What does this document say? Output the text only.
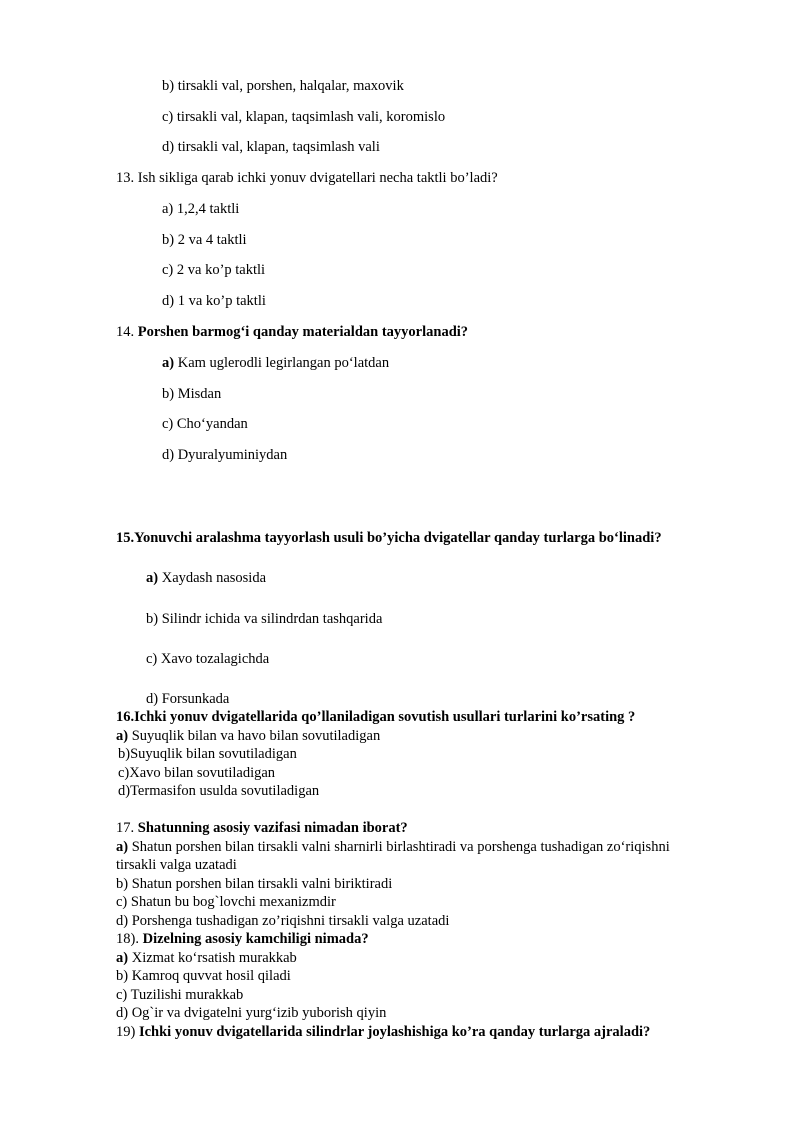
b) tirsakli val, porshen, halqalar, maxovik
c) tirsakli val, klapan, taqsimlash vali, koromislo
d) tirsakli val, klapan, taqsimlash vali
13. Ish sikliga qarab ichki yonuv dvigatellari necha taktli bo’ladi?
a) 1,2,4 taktli
b) 2 va 4 taktli
c) 2 va ko’p taktli
d) 1 va ko’p taktli
14. Porshen barmog‘i qanday materialdan tayyorlanadi?
a) Kam uglerodli legirlangan po‘latdan
b) Misdan
c) Cho‘yandan
d) Dyuralyuminiydan
15.Yonuvchi aralashma tayyorlash usuli bo’yicha dvigatellar qanday turlarga bo‘linadi?
a) Xaydash nasosida
b) Silindr ichida va silindrdan tashqarida
c) Xavo tozalagichda
d) Forsunkada
16.Ichki yonuv dvigatellarida qo’llaniladigan sovutish usullari turlarini ko’rsating ?
a) Suyuqlik bilan va havo bilan sovutiladigan
b)Suyuqlik bilan sovutiladigan
c)Xavo bilan sovutiladigan
d)Termasifon usulda sovutiladigan
17. Shatunning asosiy vazifasi nimadan iborat?
a) Shatun porshen bilan tirsakli valni sharnirli birlashtiradi va porshenga tushadigan zo‘riqishni
tirsakli valga uzatadi
b) Shatun porshen bilan tirsakli valni biriktiradi
c) Shatun bu bog`lovchi mexanizmdir
d) Porshenga tushadigan zo’riqishni tirsakli valga uzatadi
18). Dizelning asosiy kamchiligi nimada?
a) Xizmat ko‘rsatish murakkab
b) Kamroq quvvat hosil qiladi
c) Tuzilishi murakkab
d) Og`ir va dvigatelni yurg‘izib yuborish qiyin
19) Ichki yonuv dvigatellarida silindrlar joylashishiga ko’ra qanday turlarga ajraladi?
